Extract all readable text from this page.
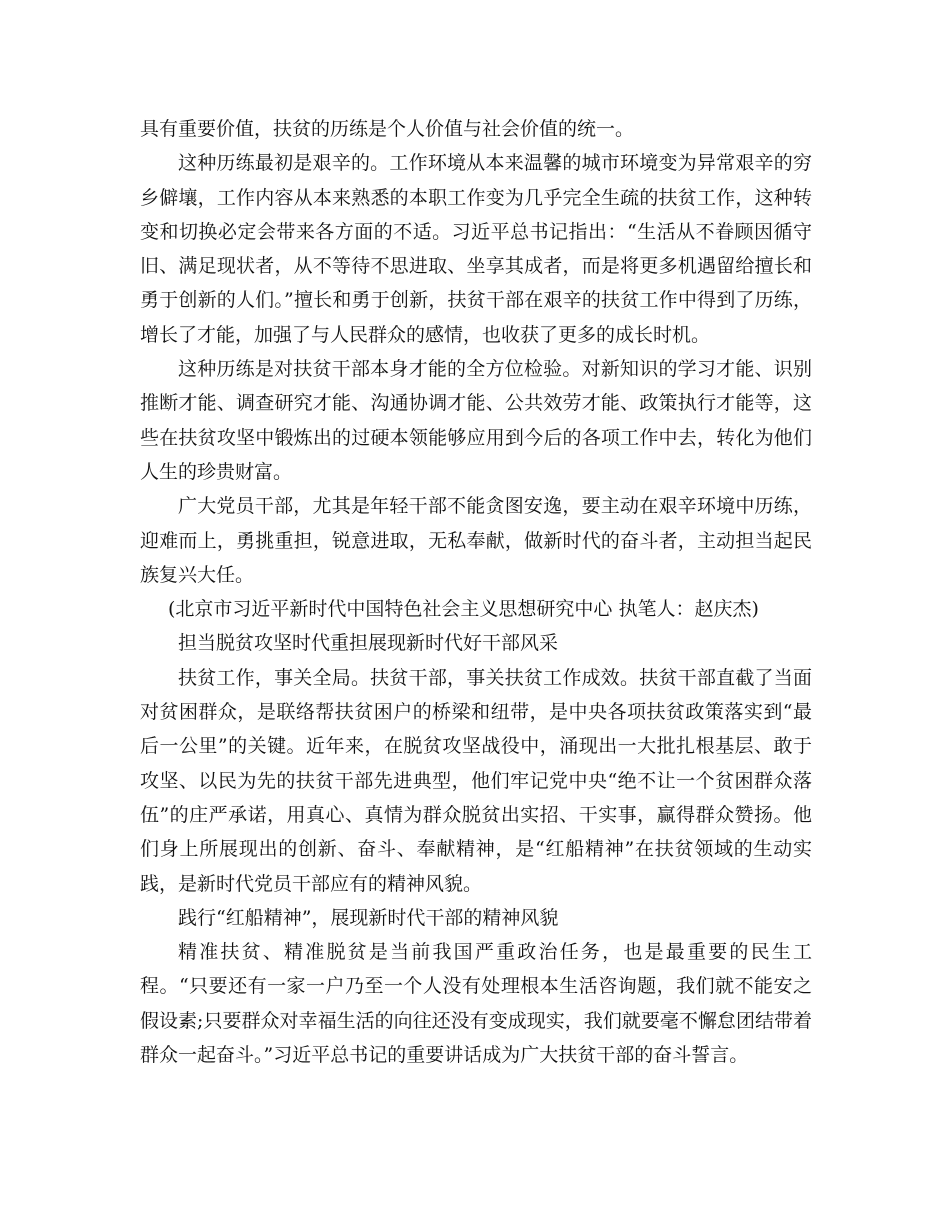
具有重要价值，扶贫的历练是个人价值与社会价值的统一。

这种历练最初是艰辛的。工作环境从本来温馨的城市环境变为异常艰辛的穷乡僻壤，工作内容从本来熟悉的本职工作变为几乎完全生疏的扶贫工作，这种转变和切换必定会带来各方面的不适。习近平总书记指出：“生活从不眷顾因循守旧、满足现状者，从不等待不思进取、坐享其成者，而是将更多机遇留给擅长和勇于创新的人们。”擅长和勇于创新，扶贫干部在艰辛的扶贫工作中得到了历练，增长了才能，加强了与人民群众的感情，也收获了更多的成长时机。

这种历练是对扶贫干部本身才能的全方位检验。对新知识的学习才能、识别推断才能、调查研究才能、沟通协调才能、公共效劳才能、政策执行才能等，这些在扶贫攻坚中锻炼出的过硬本领能够应用到今后的各项工作中去，转化为他们人生的珍贵财富。

广大党员干部，尤其是年轻干部不能贪图安逸，要主动在艰辛环境中历练，迎难而上，勇挑重担，锐意进取，无私奉献，做新时代的奋斗者，主动担当起民族复兴大任。

(北京市习近平新时代中国特色社会主义思想研究中心 执笔人：赵庆杰)

担当脱贫攻坚时代重担展现新时代好干部风采

扶贫工作，事关全局。扶贫干部，事关扶贫工作成效。扶贫干部直截了当面对贫困群众，是联络帮扶贫困户的桥梁和纽带，是中央各项扶贫政策落实到“最后一公里”的关键。近年来，在脱贫攻坚战役中，涌现出一大批扎根基层、敢于攻坚、以民为先的扶贫干部先进典型，他们牢记党中央“绝不让一个贫困群众落伍”的庄严承诺，用真心、真情为群众脱贫出实招、干实事，赢得群众赞扬。他们身上所展现出的创新、奋斗、奉献精神，是“红船精神”在扶贫领域的生动实践，是新时代党员干部应有的精神风貌。

践行“红船精神”，展现新时代干部的精神风貌

精准扶贫、精准脱贫是当前我国严重政治任务，也是最重要的民生工程。“只要还有一家一户乃至一个人没有处理根本生活咨询题，我们就不能安之假设素;只要群众对幸福生活的向往还没有变成现实，我们就要毫不懈怠团结带着群众一起奋斗。”习近平总书记的重要讲话成为广大扶贫干部的奋斗誓言。
